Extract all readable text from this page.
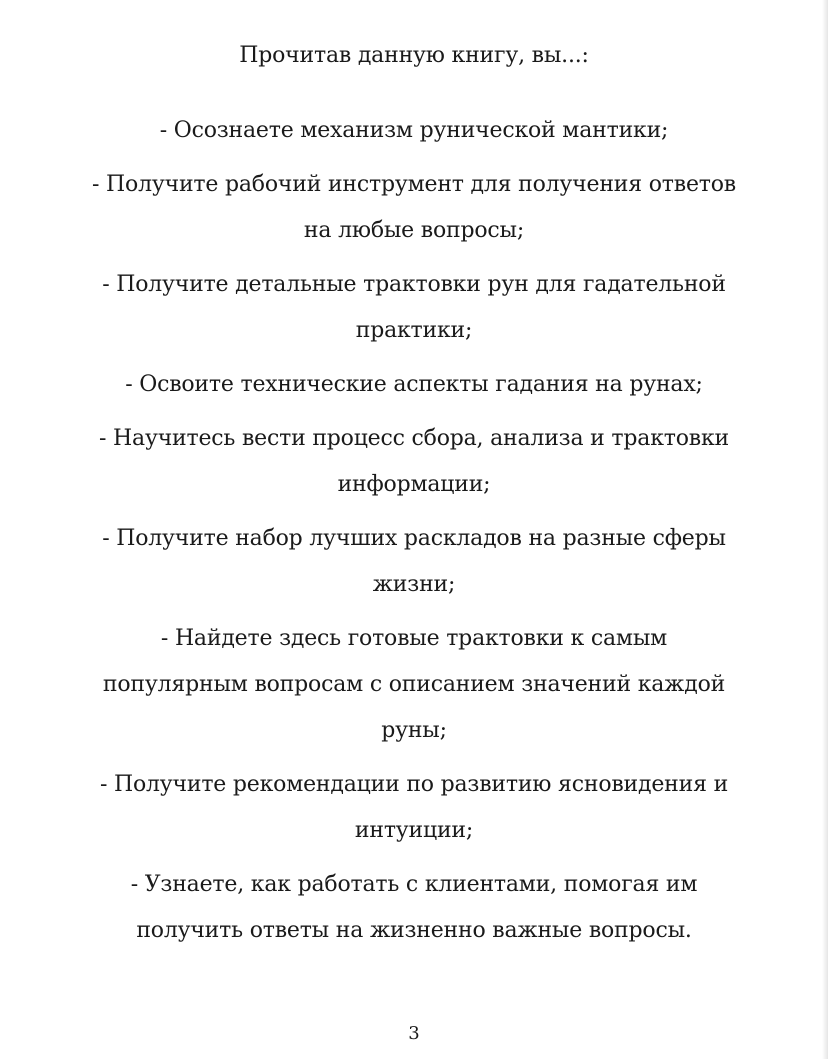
Прочитав данную книгу, вы...:
- Осознаете механизм рунической мантики;
- Получите рабочий инструмент для получения ответов на любые вопросы;
- Получите детальные трактовки рун для гадательной практики;
- Освоите технические аспекты гадания на рунах;
- Научитесь вести процесс сбора, анализа и трактовки информации;
- Получите набор лучших раскладов на разные сферы жизни;
- Найдете здесь готовые трактовки к самым популярным вопросам с описанием значений каждой руны;
- Получите рекомендации по развитию ясновидения и интуиции;
- Узнаете, как работать с клиентами, помогая им получить ответы на жизненно важные вопросы.
3
